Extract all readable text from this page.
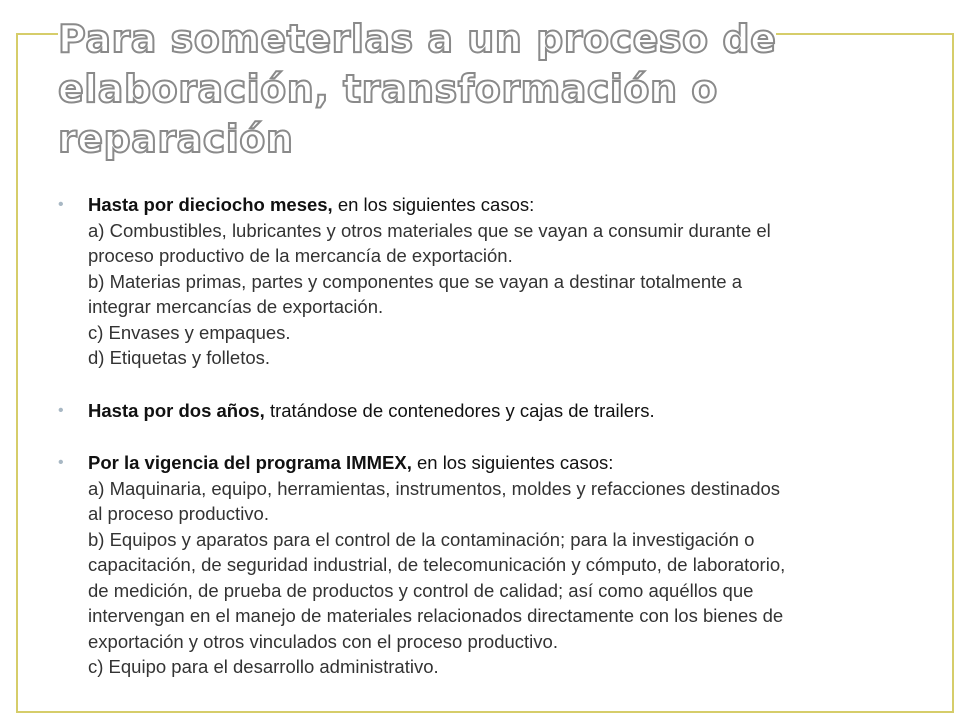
Para someterlas a un proceso de
elaboración, transformación o
reparación
• Hasta por dieciocho meses, en los siguientes casos:
a) Combustibles, lubricantes y otros materiales que se vayan a consumir durante el
proceso productivo de la mercancía de exportación.
b) Materias primas, partes y componentes que se vayan a destinar totalmente a
integrar mercancías de exportación.
c) Envases y empaques.
d) Etiquetas y folletos.
• Hasta por dos años, tratándose de contenedores y cajas de trailers.
• Por la vigencia del programa IMMEX, en los siguientes casos:
a) Maquinaria, equipo, herramientas, instrumentos, moldes y refacciones destinados
al proceso productivo.
b) Equipos y aparatos para el control de la contaminación; para la investigación o
capacitación, de seguridad industrial, de telecomunicación y cómputo, de laboratorio,
de medición, de prueba de productos y control de calidad; así como aquéllos que
intervengan en el manejo de materiales relacionados directamente con los bienes de
exportación y otros vinculados con el proceso productivo.
c) Equipo para el desarrollo administrativo.
